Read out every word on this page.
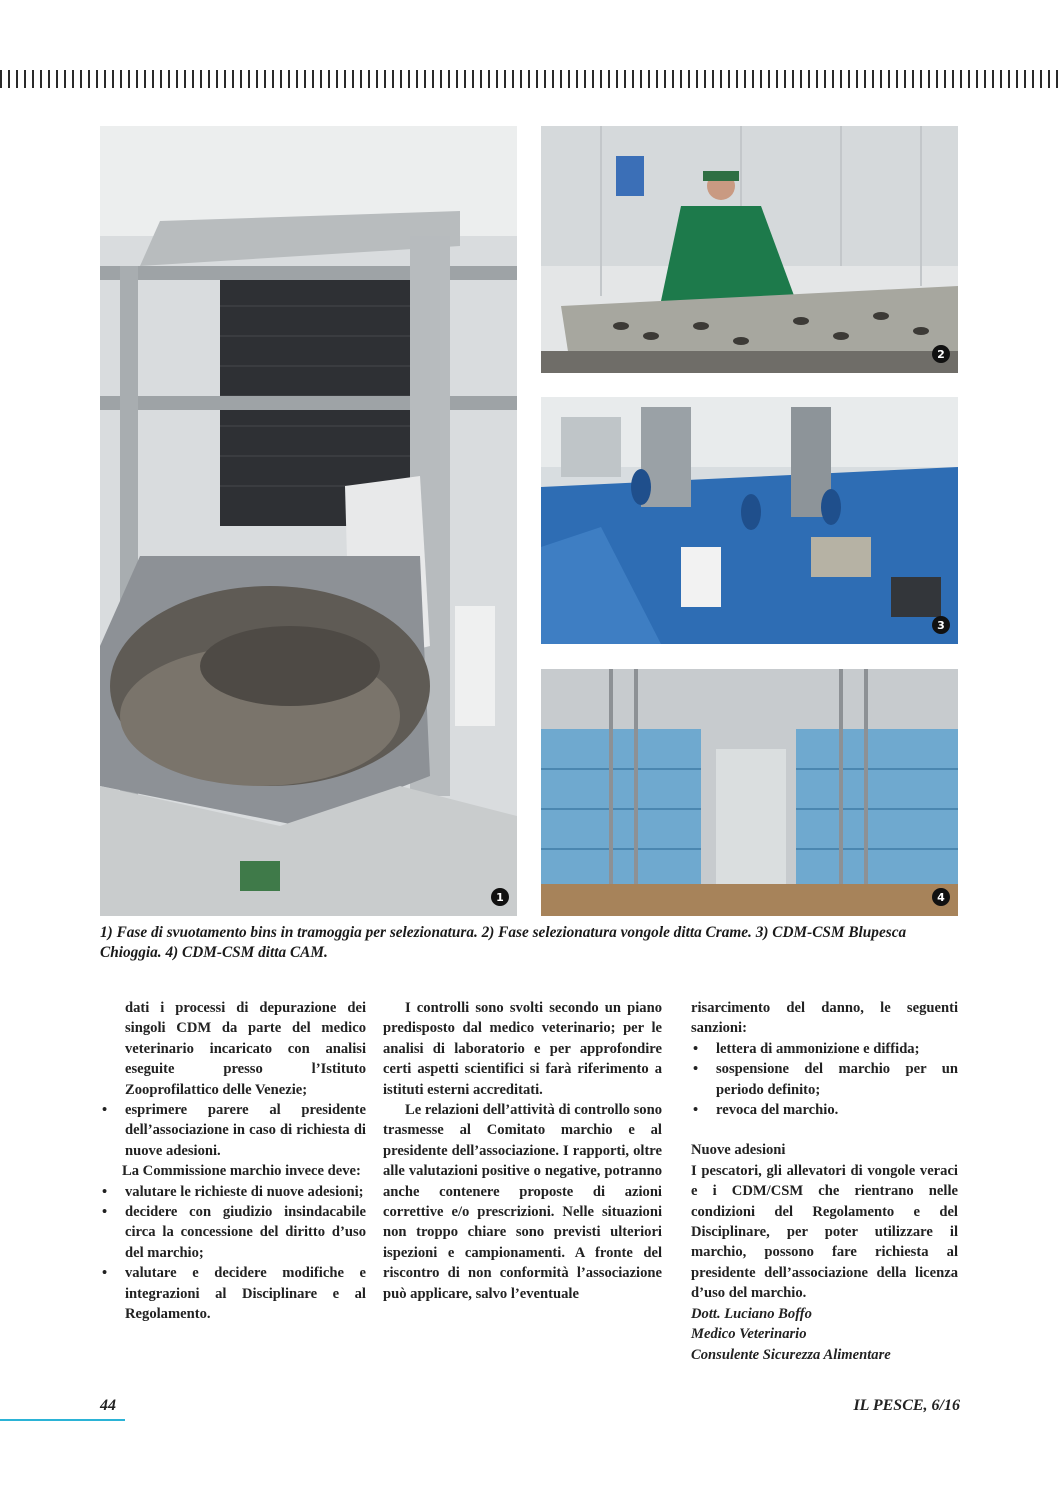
1
2
3
4
1) Fase di svuotamento bins in tramoggia per selezionatura. 2) Fase selezionatura vongole ditta Crame. 3) CDM-CSM Blupesca Chioggia. 4) CDM-CSM ditta CAM.

dati i processi di depurazione dei singoli CDM da parte del medico veterinario incaricato con analisi eseguite presso l’Istituto Zooprofilattico delle Venezie;

• esprimere parere al presidente dell’associazione in caso di richiesta di nuove adesioni.

La Commissione marchio invece deve:

• valutare le richieste di nuove adesioni;
• decidere con giudizio insindacabile circa la concessione del diritto d’uso del marchio;
• valutare e decidere modifiche e integrazioni al Disciplinare e al Regolamento.

I controlli sono svolti secondo un piano predisposto dal medico veterinario; per le analisi di laboratorio e per approfondire certi aspetti scientifici si farà riferimento a istituti esterni accreditati.

Le relazioni dell’attività di controllo sono trasmesse al Comitato marchio e al presidente dell’associazione. I rapporti, oltre alle valutazioni positive o negative, potranno anche contenere proposte di azioni correttive e/o prescrizioni. Nelle situazioni non troppo chiare sono previsti ulteriori ispezioni e campionamenti. A fronte del riscontro di non conformità l’associazione può applicare, salvo l’eventuale

risarcimento del danno, le seguenti sanzioni:

• lettera di ammonizione e diffida;
• sospensione del marchio per un periodo definito;
• revoca del marchio.

Nuove adesioni

I pescatori, gli allevatori di vongole veraci e i CDM/CSM che rientrano nelle condizioni del Regolamento e del Disciplinare, per poter utilizzare il marchio, possono fare richiesta al presidente dell’associazione della licenza d’uso del marchio.

Dott. Luciano Boffo

Medico Veterinario

Consulente Sicurezza Alimentare

44	IL PESCE, 6/16
